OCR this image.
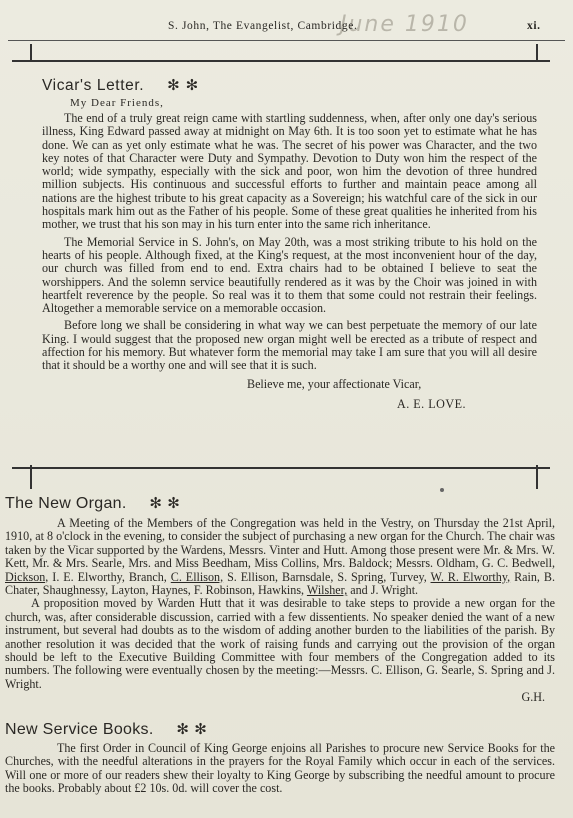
June 1910
S. John, The Evangelist, Cambridge.	xi.
Vicar's Letter. ✻ ✻
My Dear Friends,

The end of a truly great reign came with startling suddenness, when, after only one day's serious illness, King Edward passed away at midnight on May 6th. It is too soon yet to estimate what he has done. We can as yet only estimate what he was. The secret of his power was Character, and the two key notes of that Character were Duty and Sympathy. Devotion to Duty won him the respect of the world; wide sympathy, especially with the sick and poor, won him the devotion of three hundred million subjects. His continuous and successful efforts to further and maintain peace among all nations are the highest tribute to his great capacity as a Sovereign; his watchful care of the sick in our hospitals mark him out as the Father of his people. Some of these great qualities he inherited from his mother, we trust that his son may in his turn enter into the same rich inheritance.

The Memorial Service in S. John's, on May 20th, was a most striking tribute to his hold on the hearts of his people. Although fixed, at the King's request, at the most inconvenient hour of the day, our church was filled from end to end. Extra chairs had to be obtained I believe to seat the worshippers. And the solemn service beautifully rendered as it was by the Choir was joined in with heartfelt reverence by the people. So real was it to them that some could not restrain their feelings. Altogether a memorable service on a memorable occasion.

Before long we shall be considering in what way we can best perpetuate the memory of our late King. I would suggest that the proposed new organ might well be erected as a tribute of respect and affection for his memory. But whatever form the memorial may take I am sure that you will all desire that it should be a worthy one and will see that it is such.

Believe me, your affectionate Vicar,
A. E. LOVE.
The New Organ. ✻ ✻

A Meeting of the Members of the Congregation was held in the Vestry, on Thursday the 21st April, 1910, at 8 o'clock in the evening, to consider the subject of purchasing a new organ for the Church. The chair was taken by the Vicar supported by the Wardens, Messrs. Vinter and Hutt. Among those present were Mr. & Mrs. W. Kett, Mr. & Mrs. Searle, Mrs. and Miss Beedham, Miss Collins, Mrs. Baldock; Messrs. Oldham, G. C. Bedwell, Dickson, I. E. Elworthy, Branch, C. Ellison, S. Ellison, Barnsdale, S. Spring, Turvey, W. R. Elworthy, Rain, B. Chater, Shaughnessy, Layton, Haynes, F. Robinson, Hawkins, Wilsher, and J. Wright.

A proposition moved by Warden Hutt that it was desirable to take steps to provide a new organ for the church, was, after considerable discussion, carried with a few dissentients. No speaker denied the want of a new instrument, but several had doubts as to the wisdom of adding another burden to the liabilities of the parish. By another resolution it was decided that the work of raising funds and carrying out the provision of the organ should be left to the Executive Building Committee with four members of the Congregation added to its numbers. The following were eventually chosen by the meeting:—Messrs. C. Ellison, G. Searle, S. Spring and J. Wright.

G.H.

New Service Books. ✻ ✻

The first Order in Council of King George enjoins all Parishes to procure new Service Books for the Churches, with the needful alterations in the prayers for the Royal Family which occur in each of the services. Will one or more of our readers shew their loyalty to King George by subscribing the needful amount to procure the books. Probably about £2 10s. 0d. will cover the cost.
